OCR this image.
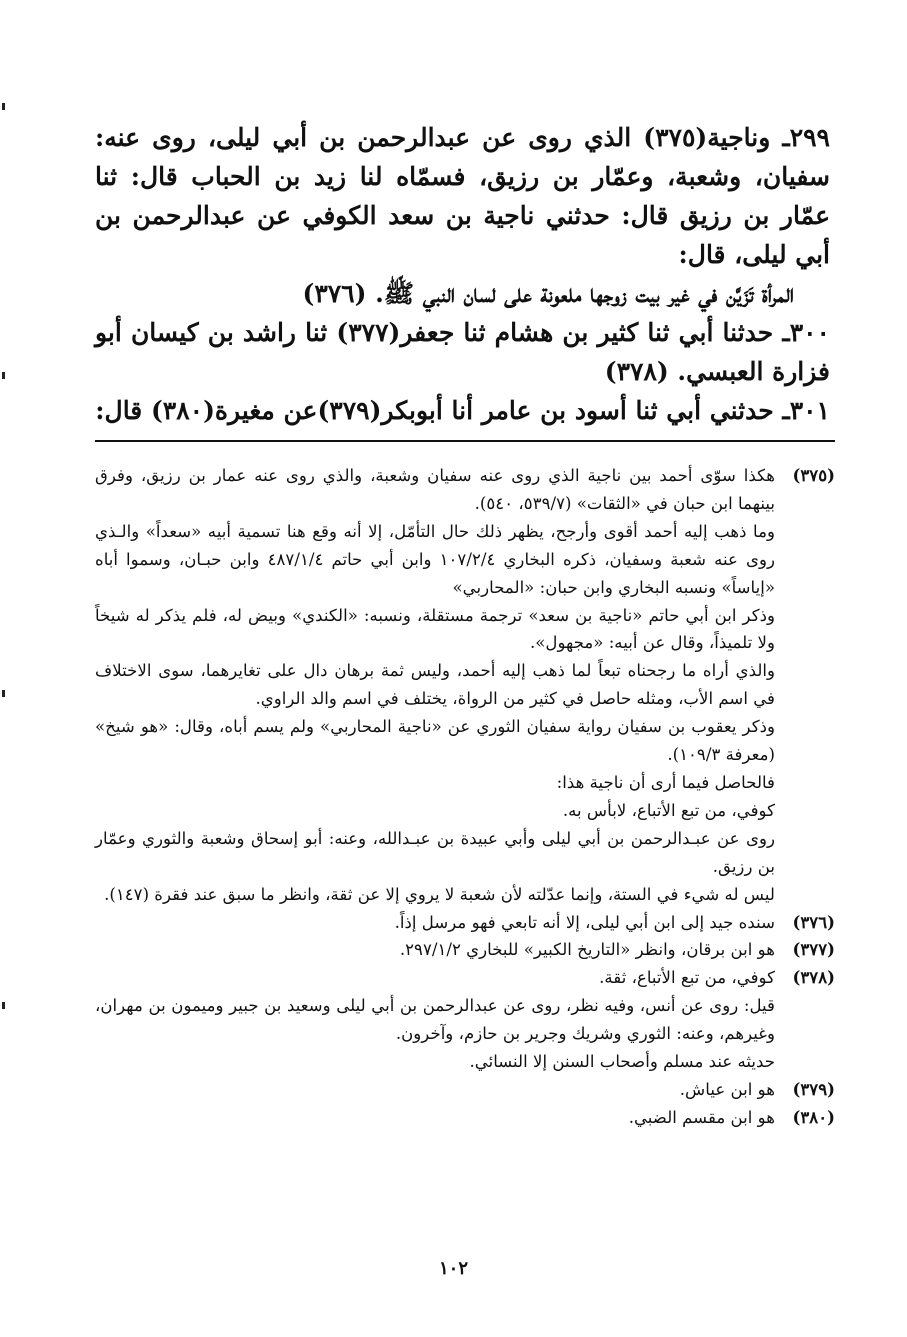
٢٩٩ـ وناجية(٣٧٥) الذي روى عن عبدالرحمن بن أبي ليلى، روى عنه: سفيان، وشعبة، وعمّار بن رزيق، فسمّاه لنا زيد بن الحباب قال: ثنا عمّار بن رزيق قال: حدثني ناجية بن سعد الكوفي عن عبدالرحمن بن أبي ليلى، قال:

المرأة تَزَيَّن في غير بيت زوجها ملعونة على لسان النبي ﷺ. (٣٧٦)

٣٠٠ـ حدثنا أبي ثنا كثير بن هشام ثنا جعفر(٣٧٧) ثنا راشد بن كيسان أبو فزارة العبسي. (٣٧٨)

٣٠١ـ حدثني أبي ثنا أسود بن عامر أنا أبوبكر(٣٧٩)عن مغيرة(٣٨٠) قال:

(٣٧٥)

هكذا سوّى أحمد بين ناجية الذي روى عنه سفيان وشعبة، والذي روى عنه عمار بن رزيق، وفرق بينهما ابن حبان في «الثقات» (٥٣٩/٧، ٥٤٠).

وما ذهب إليه أحمد أقوى وأرجح، يظهر ذلك حال التأمّل، إلا أنه وقع هنا تسمية أبيه «سعداً» والـذي روى عنه شعبة وسفيان، ذكره البخاري ١٠٧/٢/٤ وابن أبي حاتم ٤٨٧/١/٤ وابن حبـان، وسموا أباه «إياساً» ونسبه البخاري وابن حبان: «المحاربي»

وذكر ابن أبي حاتم «ناجية بن سعد» ترجمة مستقلة، ونسبه: «الكندي» وبيض له، فلم يذكر له شيخاً ولا تلميذاً، وقال عن أبيه: «مجهول».

والذي أراه ما رجحناه تبعاً لما ذهب إليه أحمد، وليس ثمة برهان دال على تغايرهما، سوى الاختلاف في اسم الأب، ومثله حاصل في كثير من الرواة، يختلف في اسم والد الراوي.

وذكر يعقوب بن سفيان رواية سفيان الثوري عن «ناجية المحاربي» ولم يسم أباه، وقال: «هو شيخ» (معرفة ١٠٩/٣).

فالحاصل فيما أرى أن ناجية هذا:

كوفي، من تبع الأتباع، لابأس به.

روى عن عبـدالرحمن بن أبي ليلى وأبي عبيدة بن عبـدالله، وعنه: أبو إسحاق وشعبة والثوري وعمّار بن رزيق.

ليس له شيء في الستة، وإنما عدّلته لأن شعبة لا يروي إلا عن ثقة، وانظر ما سبق عند فقرة (١٤٧).

(٣٧٦)

سنده جيد إلى ابن أبي ليلى، إلا أنه تابعي فهو مرسل إذاً.

(٣٧٧)

هو ابن برقان، وانظر «التاريخ الكبير» للبخاري ٢٩٧/١/٢.

(٣٧٨)

كوفي، من تبع الأتباع، ثقة.

قيل: روى عن أنس، وفيه نظر، روى عن عبدالرحمن بن أبي ليلى وسعيد بن جبير وميمون بن مهران، وغيرهم، وعنه: الثوري وشريك وجرير بن حازم، وآخرون.

حديثه عند مسلم وأصحاب السنن إلا النسائي.

(٣٧٩)

هو ابن عياش.

(٣٨٠)

هو ابن مقسم الضبي.

١٠٢
